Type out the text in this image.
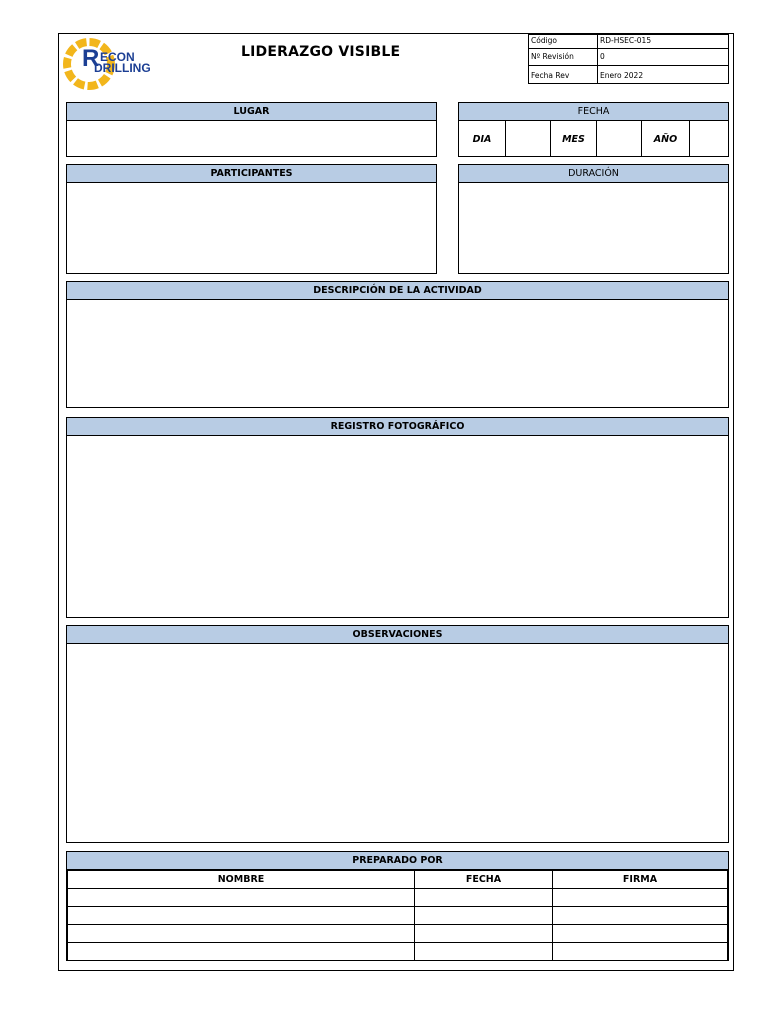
R ECON
DRILLING
LIDERAZGO VISIBLE
Código	RD-HSEC-015
Nº Revisión	0
Fecha Rev	Enero 2022
LUGAR	FECHA
DIA	MES	AÑO
PARTICIPANTES	DURACIÓN
DESCRIPCIÓN DE LA ACTIVIDAD
REGISTRO FOTOGRÁFICO
OBSERVACIONES
PREPARADO POR
NOMBRE	FECHA	FIRMA
